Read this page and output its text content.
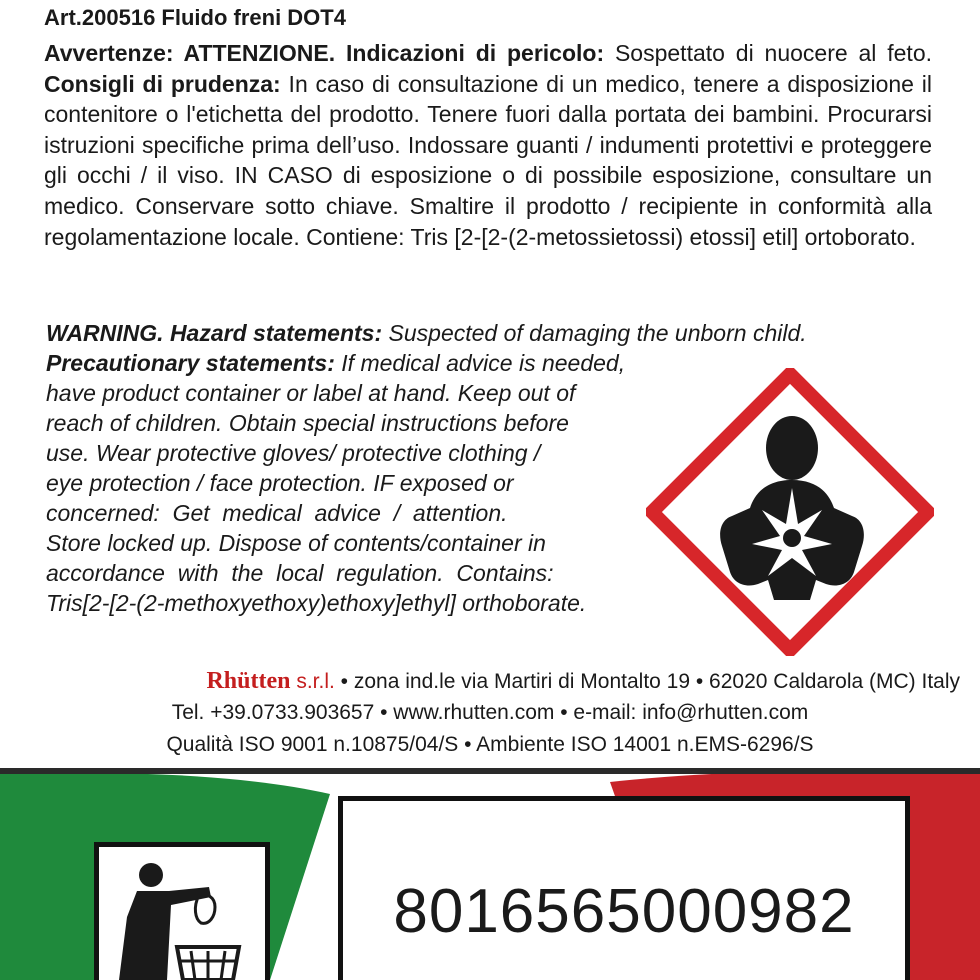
Art.200516 Fluido freni DOT4

Avvertenze: ATTENZIONE. Indicazioni di pericolo: Sospettato di nuocere al feto. Consigli di prudenza: In caso di consultazione di un medico, tenere a disposizione il contenitore o l'etichetta del prodotto. Tenere fuori dalla portata dei bambini. Procurarsi istruzioni specifiche prima dell’uso. Indossare guanti / indumenti protettivi e proteggere gli occhi / il viso. IN CASO di esposizione o di possibile esposizione, consultare un medico. Conservare sotto chiave. Smaltire il prodotto / recipiente in conformità alla regolamentazione locale. Contiene: Tris [2-[2-(2-metossietossi) etossi] etil] ortoborato.

WARNING. Hazard statements: Suspected of damaging the unborn child.
Precautionary statements: If medical advice is needed,
have product container or label at hand. Keep out of
reach of children. Obtain special instructions before
use. Wear protective gloves/ protective clothing /
eye protection / face protection. IF exposed or
concerned:  Get  medical  advice  /  attention.
Store locked up. Dispose of contents/container in
accordance  with  the  local  regulation.  Contains:
Tris[2-[2-(2-methoxyethoxy)ethoxy]ethyl] orthoborate.
Rhütten s.r.l. • zona ind.le via Martiri di Montalto 19 • 62020 Caldarola (MC) Italy
Tel. +39.0733.903657 • www.rhutten.com • e-mail: info@rhutten.com
Qualità ISO 9001 n.10875/04/S • Ambiente ISO 14001 n.EMS-6296/S
8016565000982
